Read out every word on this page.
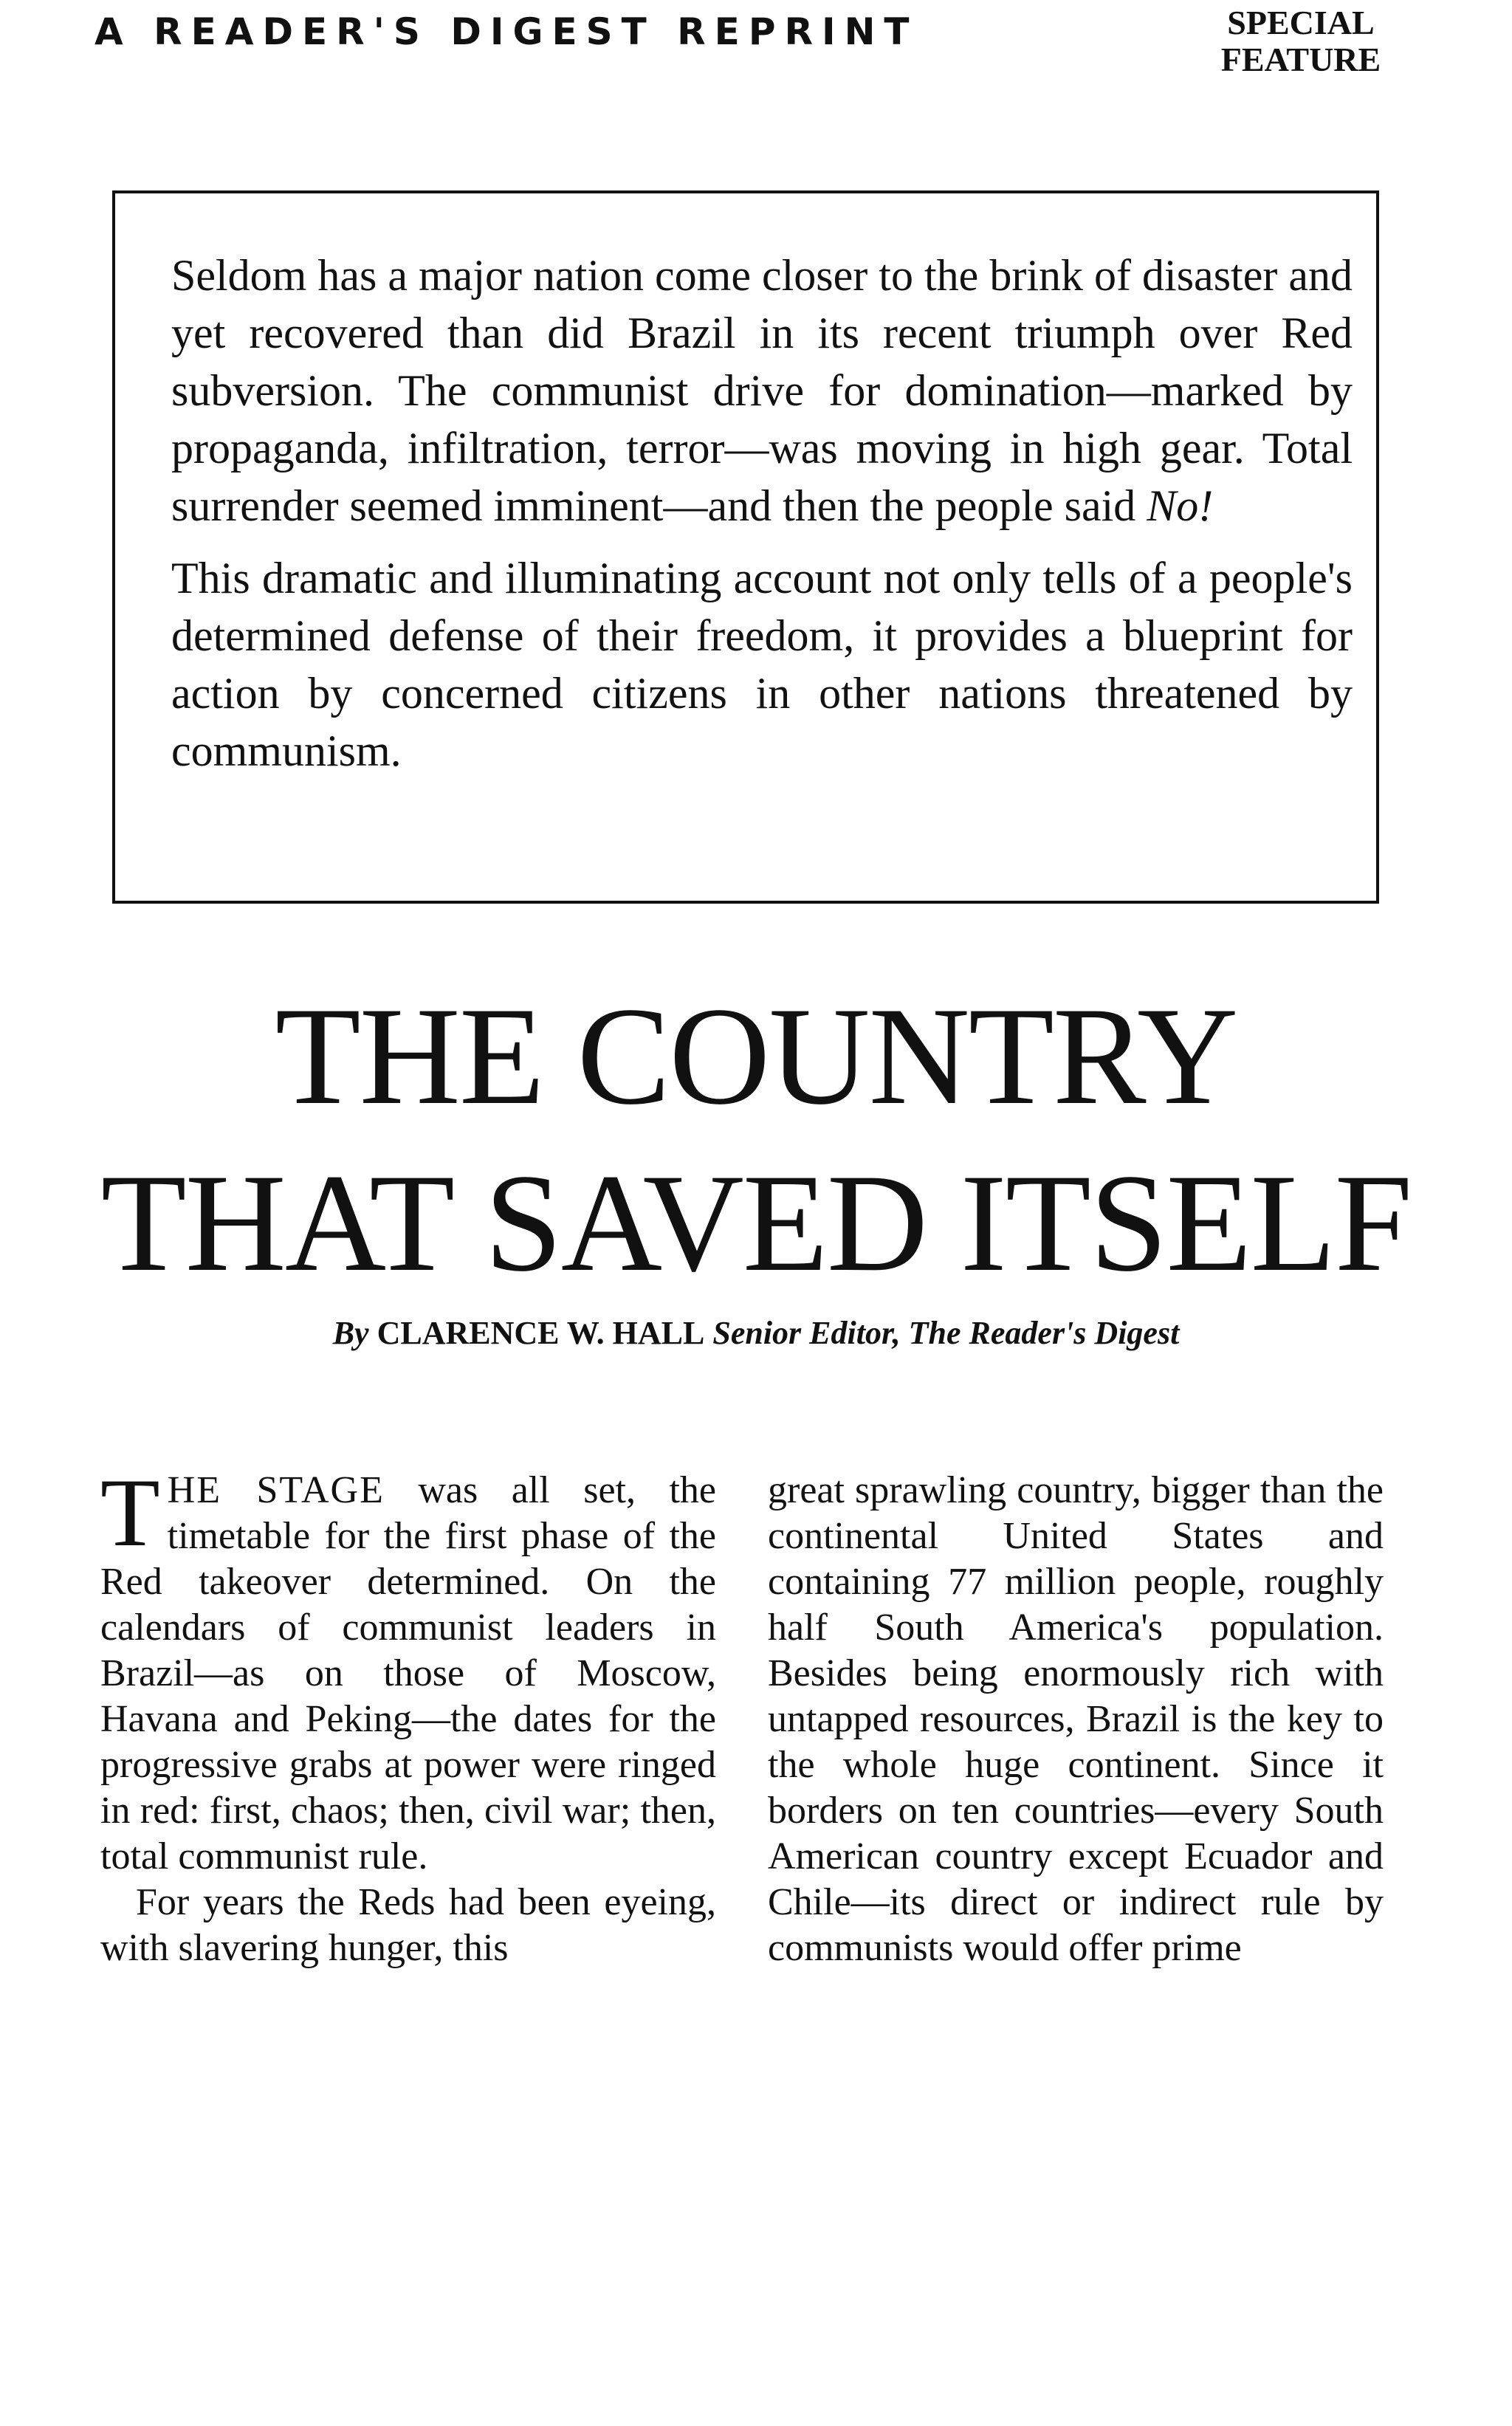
A READER'S DIGEST REPRINT	SPECIAL
FEATURE

Seldom has a major nation come closer to the brink of disaster and yet recovered than did Brazil in its recent triumph over Red subversion. The communist drive for domination—marked by propaganda, infiltration, terror—was moving in high gear. Total surrender seemed imminent—and then the people said No!

This dramatic and illuminating account not only tells of a people's determined defense of their freedom, it provides a blueprint for action by concerned citizens in other nations threatened by communism.

THE COUNTRY
THAT SAVED ITSELF
By CLARENCE W. HALL Senior Editor, The Reader's Digest

THE STAGE was all set, the timetable for the first phase of the Red takeover determined. On the calendars of communist leaders in Brazil—as on those of Moscow, Havana and Peking—the dates for the progressive grabs at power were ringed in red: first, chaos; then, civil war; then, total communist rule.

For years the Reds had been eyeing, with slavering hunger, this

great sprawling country, bigger than the continental United States and containing 77 million people, roughly half South America's population. Besides being enormously rich with untapped resources, Brazil is the key to the whole huge continent. Since it borders on ten countries—every South American country except Ecuador and Chile—its direct or indirect rule by communists would offer prime
